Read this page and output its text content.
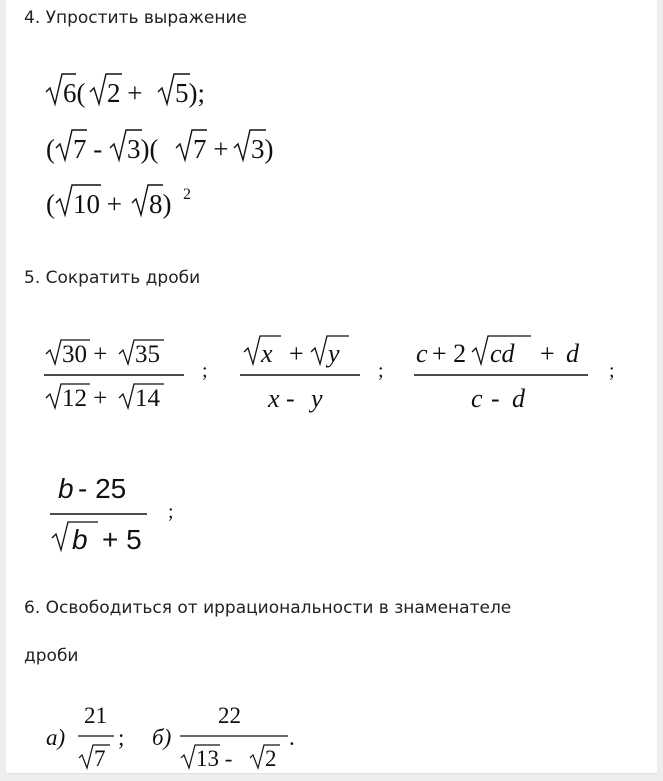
4. Упростить выражение
6( 2 + 5);
( 7 - 3)( 7 + 3)
( 10 + 8) 2
30 + 35
12 + 14
;
x + y
x - y
;
c + 2 cd + d
c - d
;
b - 25
b + 5
;
а)
21
7
; б)
22
13 - 2
.
5. Сократить дроби
6. Освободиться от иррациональности в знаменателе
дроби
